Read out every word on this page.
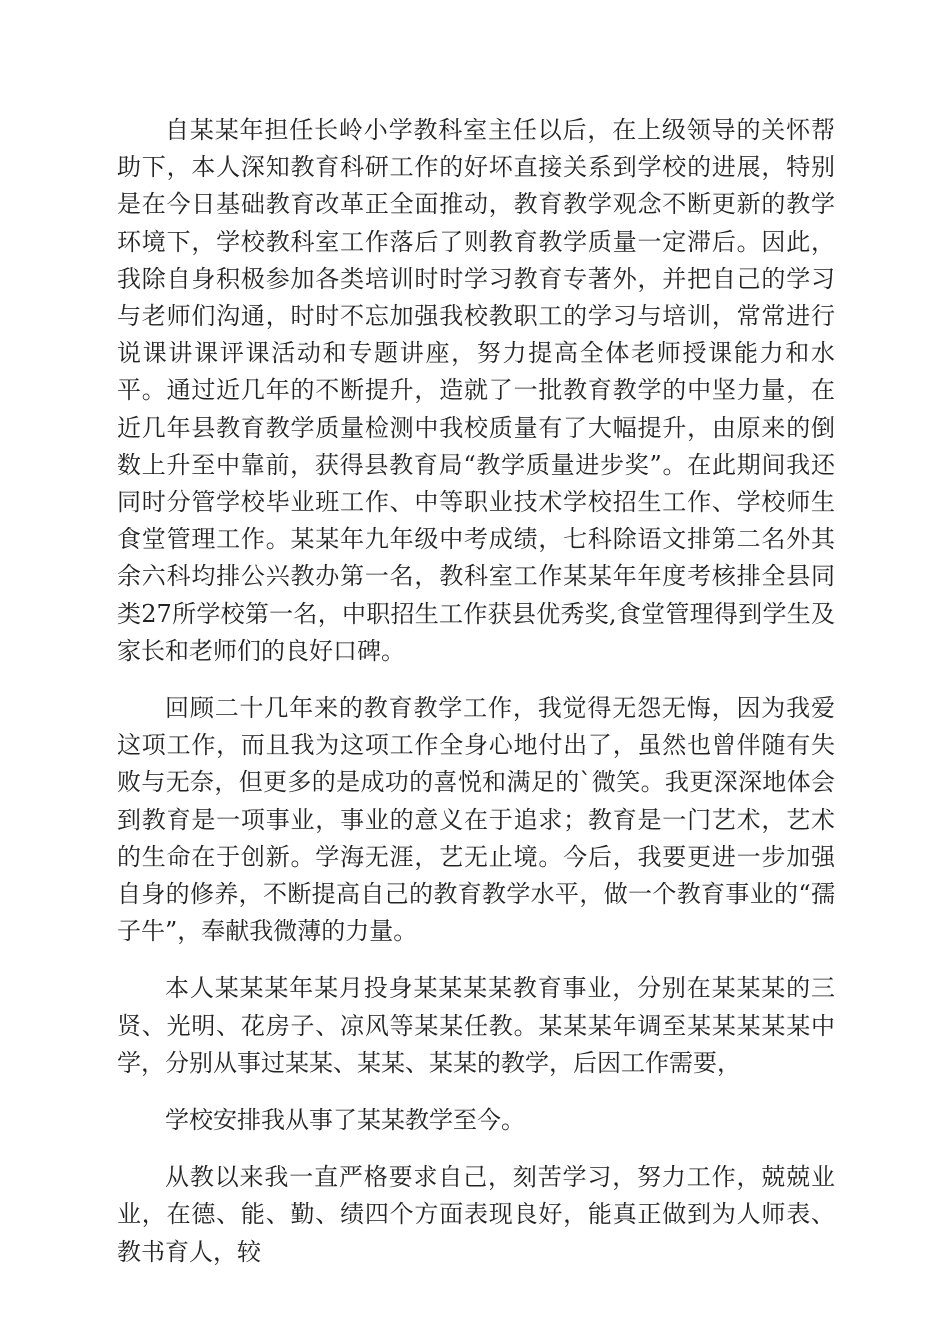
自某某年担任长岭小学教科室主任以后，在上级领导的关怀帮助下，本人深知教育科研工作的好坏直接关系到学校的进展，特别是在今日基础教育改革正全面推动，教育教学观念不断更新的教学环境下，学校教科室工作落后了则教育教学质量一定滞后。因此，我除自身积极参加各类培训时时学习教育专著外，并把自己的学习与老师们沟通，时时不忘加强我校教职工的学习与培训，常常进行说课讲课评课活动和专题讲座，努力提高全体老师授课能力和水平。通过近几年的不断提升，造就了一批教育教学的中坚力量，在近几年县教育教学质量检测中我校质量有了大幅提升，由原来的倒数上升至中靠前，获得县教育局“教学质量进步奖”。在此期间我还同时分管学校毕业班工作、中等职业技术学校招生工作、学校师生食堂管理工作。某某年九年级中考成绩，七科除语文排第二名外其余六科均排公兴教办第一名，教科室工作某某年年度考核排全县同类27所学校第一名，中职招生工作获县优秀奖,食堂管理得到学生及家长和老师们的良好口碑。

回顾二十几年来的教育教学工作，我觉得无怨无悔，因为我爱这项工作，而且我为这项工作全身心地付出了，虽然也曾伴随有失败与无奈，但更多的是成功的喜悦和满足的`微笑。我更深深地体会到教育是一项事业，事业的意义在于追求；教育是一门艺术，艺术的生命在于创新。学海无涯，艺无止境。今后，我要更进一步加强自身的修养，不断提高自己的教育教学水平，做一个教育事业的“孺子牛”，奉献我微薄的力量。

本人某某某年某月投身某某某某教育事业，分别在某某某的三贤、光明、花房子、凉风等某某任教。某某某年调至某某某某某中学，分别从事过某某、某某、某某的教学，后因工作需要，

学校安排我从事了某某教学至今。

从教以来我一直严格要求自己，刻苦学习，努力工作，兢兢业业，在德、能、勤、绩四个方面表现良好，能真正做到为人师表、教书育人，较
